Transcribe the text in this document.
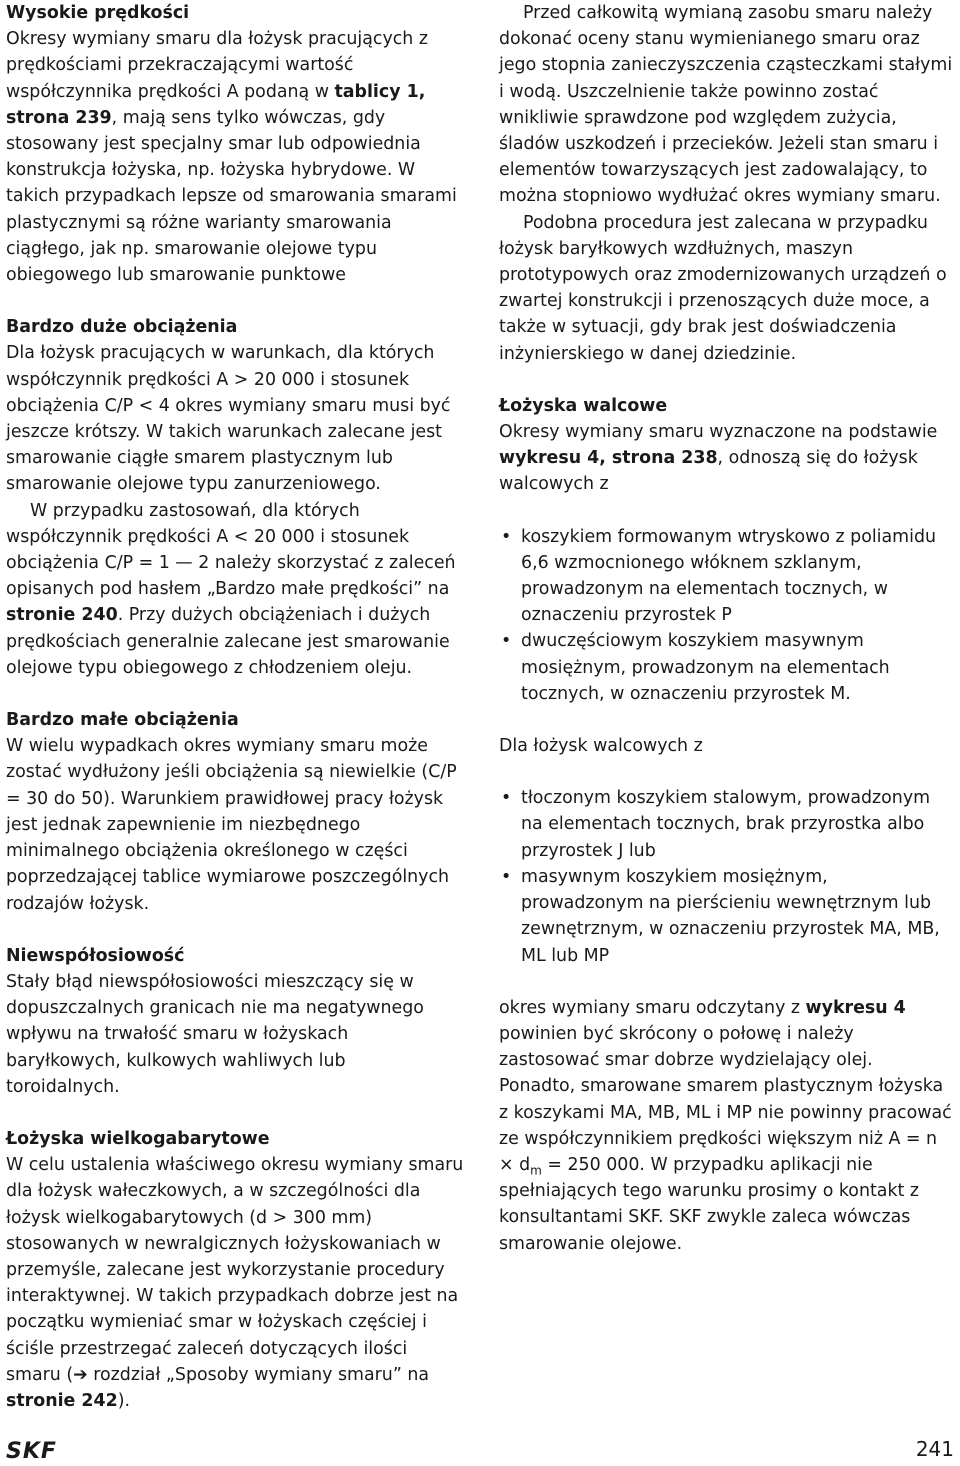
Wysokie prędkości

Okresy wymiany smaru dla łożysk pracujących z prędkościami przekraczającymi wartość współczynnika prędkości A podaną w tablicy 1, strona 239, mają sens tylko wówczas, gdy stosowany jest specjalny smar lub odpowiednia konstrukcja łożyska, np. łożyska hybrydowe. W takich przypadkach lepsze od smarowania smarami plastycznymi są różne warianty smarowania ciągłego, jak np. smarowanie olejowe typu obiegowego lub smarowanie punktowe

Bardzo duże obciążenia

Dla łożysk pracujących w warunkach, dla których współczynnik prędkości A > 20 000 i stosunek obciążenia C/P < 4 okres wymiany smaru musi być jeszcze krótszy. W takich warunkach zalecane jest smarowanie ciągłe smarem plastycznym lub smarowanie olejowe typu zanurzeniowego.

W przypadku zastosowań, dla których współczynnik prędkości A < 20 000 i stosunek obciążenia C/P = 1 — 2 należy skorzystać z zaleceń opisanych pod hasłem „Bardzo małe prędkości” na stronie 240. Przy dużych obciążeniach i dużych prędkościach generalnie zalecane jest smarowanie olejowe typu obiegowego z chłodzeniem oleju.

Bardzo małe obciążenia

W wielu wypadkach okres wymiany smaru może zostać wydłużony jeśli obciążenia są niewielkie (C/P = 30 do 50). Warunkiem prawidłowej pracy łożysk jest jednak zapewnienie im niezbędnego minimalnego obciążenia określonego w części poprzedzającej tablice wymiarowe poszczególnych rodzajów łożysk.

Niewspółosiowość

Stały błąd niewspółosiowości mieszczący się w dopuszczalnych granicach nie ma negatywnego wpływu na trwałość smaru w łożyskach baryłkowych, kulkowych wahliwych lub toroidalnych.

Łożyska wielkogabarytowe

W celu ustalenia właściwego okresu wymiany smaru dla łożysk wałeczkowych, a w szczególności dla łożysk wielkogabarytowych (d > 300 mm) stosowanych w newralgicznych łożyskowaniach w przemyśle, zalecane jest wykorzystanie procedury interaktywnej. W takich przypadkach dobrze jest na początku wymieniać smar w łożyskach częściej i ściśle przestrzegać zaleceń dotyczących ilości smaru (➔ rozdział „Sposoby wymiany smaru” na stronie 242).

Przed całkowitą wymianą zasobu smaru należy dokonać oceny stanu wymienianego smaru oraz jego stopnia zanieczyszczenia cząsteczkami stałymi i wodą. Uszczelnienie także powinno zostać wnikliwie sprawdzone pod względem zużycia, śladów uszkodzeń i przecieków. Jeżeli stan smaru i elementów towarzyszących jest zadowalający, to można stopniowo wydłużać okres wymiany smaru.

Podobna procedura jest zalecana w przypadku łożysk baryłkowych wzdłużnych, maszyn prototypowych oraz zmodernizowanych urządzeń o zwartej konstrukcji i przenoszących duże moce, a także w sytuacji, gdy brak jest doświadczenia inżynierskiego w danej dziedzinie.

Łożyska walcowe

Okresy wymiany smaru wyznaczone na podstawie wykresu 4, strona 238, odnoszą się do łożysk walcowych z

• koszykiem formowanym wtryskowo z poliamidu 6,6 wzmocnionego włóknem szklanym, prowadzonym na elementach tocznych, w oznaczeniu przyrostek P
• dwuczęściowym koszykiem masywnym mosiężnym, prowadzonym na elementach tocznych, w oznaczeniu przyrostek M.

Dla łożysk walcowych z

• tłoczonym koszykiem stalowym, prowadzonym na elementach tocznych, brak przyrostka albo przyrostek J lub
• masywnym koszykiem mosiężnym, prowadzonym na pierścieniu wewnętrznym lub zewnętrznym, w oznaczeniu przyrostek MA, MB, ML lub MP

okres wymiany smaru odczytany z wykresu 4 powinien być skrócony o połowę i należy zastosować smar dobrze wydzielający olej. Ponadto, smarowane smarem plastycznym łożyska z koszykami MA, MB, ML i MP nie powinny pracować ze współczynnikiem prędkości większym niż $A = n \times d_m = 250$ 000. W przypadku aplikacji nie spełniających tego warunku prosimy o kontakt z konsultantami SKF. SKF zwykle zaleca wówczas smarowanie olejowe.

SKF	241
